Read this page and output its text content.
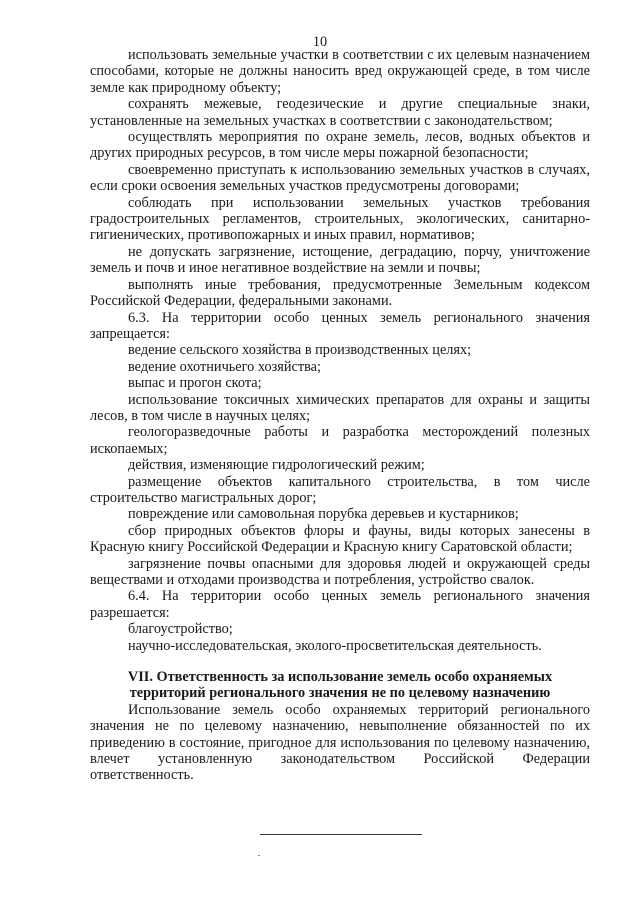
10

использовать земельные участки в соответствии с их целевым назначением способами, которые не должны наносить вред окружающей среде, в том числе земле как природному объекту;

сохранять межевые, геодезические и другие специальные знаки, установленные на земельных участках в соответствии с законодательством;

осуществлять мероприятия по охране земель, лесов, водных объектов и других природных ресурсов, в том числе меры пожарной безопасности;

своевременно приступать к использованию земельных участков в случаях, если сроки освоения земельных участков предусмотрены договорами;

соблюдать при использовании земельных участков требования градостроительных регламентов, строительных, экологических, санитарно-гигиенических, противопожарных и иных правил, нормативов;

не допускать загрязнение, истощение, деградацию, порчу, уничтожение земель и почв и иное негативное воздействие на земли и почвы;

выполнять иные требования, предусмотренные Земельным кодексом Российской Федерации, федеральными законами.

6.3. На территории особо ценных земель регионального значения запрещается:

ведение сельского хозяйства в производственных целях;

ведение охотничьего хозяйства;

выпас и прогон скота;

использование токсичных химических препаратов для охраны и защиты лесов, в том числе в научных целях;

геологоразведочные работы и разработка месторождений полезных ископаемых;

действия, изменяющие гидрологический режим;

размещение объектов капитального строительства, в том числе строительство магистральных дорог;

повреждение или самовольная порубка деревьев и кустарников;

сбор природных объектов флоры и фауны, виды которых занесены в Красную книгу Российской Федерации и Красную книгу Саратовской области;

загрязнение почвы опасными для здоровья людей и окружающей среды веществами и отходами производства и потребления, устройство свалок.

6.4. На территории особо ценных земель регионального значения разрешается:

благоустройство;

научно-исследовательская, эколого-просветительская деятельность.

VII. Ответственность за использование земель особо охраняемых
территорий регионального значения не по целевому назначению

Использование земель особо охраняемых территорий регионального значения не по целевому назначению, невыполнение обязанностей по их приведению в состояние, пригодное для использования по целевому назначению, влечет установленную законодательством Российской Федерации ответственность.
